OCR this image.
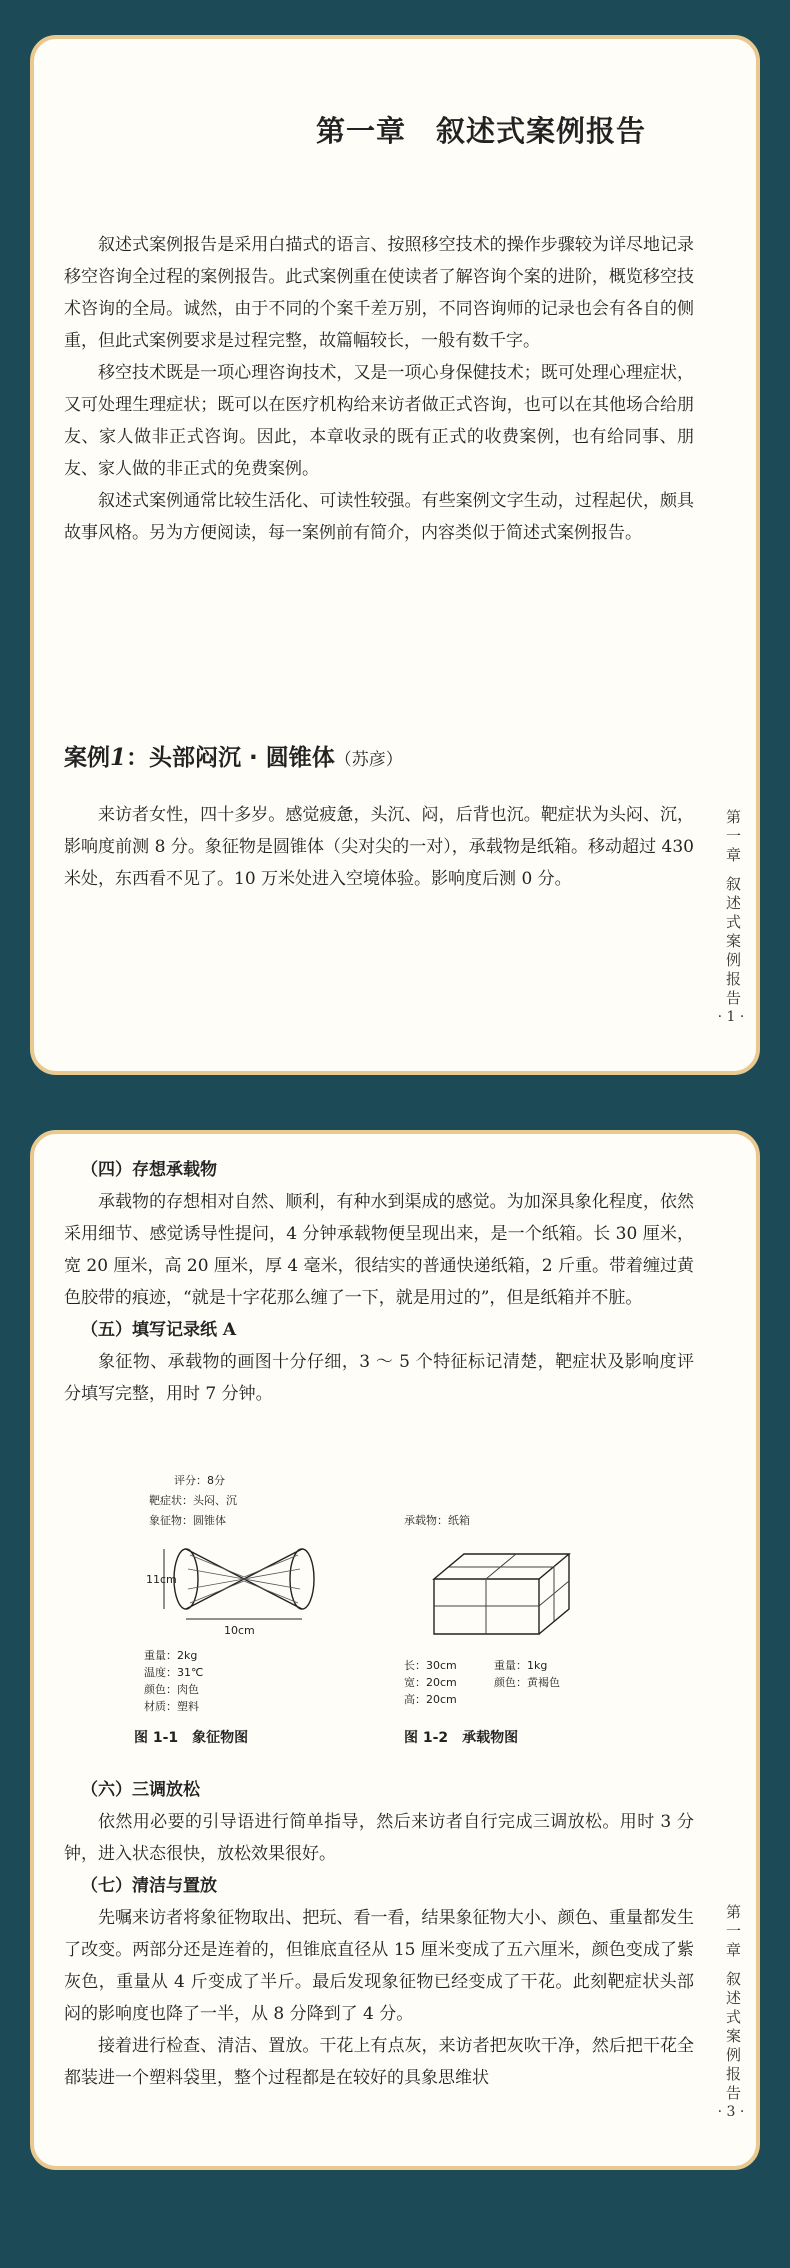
第一章　叙述式案例报告

叙述式案例报告是采用白描式的语言、按照移空技术的操作步骤较为详尽地记录移空咨询全过程的案例报告。此式案例重在使读者了解咨询个案的进阶，概览移空技术咨询的全局。诚然，由于不同的个案千差万别，不同咨询师的记录也会有各自的侧重，但此式案例要求是过程完整，故篇幅较长，一般有数千字。

移空技术既是一项心理咨询技术，又是一项心身保健技术；既可处理心理症状，又可处理生理症状；既可以在医疗机构给来访者做正式咨询，也可以在其他场合给朋友、家人做非正式咨询。因此，本章收录的既有正式的收费案例，也有给同事、朋友、家人做的非正式的免费案例。

叙述式案例通常比较生活化、可读性较强。有些案例文字生动，过程起伏，颇具故事风格。另为方便阅读，每一案例前有简介，内容类似于简述式案例报告。

案例1：头部闷沉 · 圆锥体（苏彦）

来访者女性，四十多岁。感觉疲惫，头沉、闷，后背也沉。靶症状为头闷、沉，影响度前测 8 分。象征物是圆锥体（尖对尖的一对），承载物是纸箱。移动超过 430 米处，东西看不见了。10 万米处进入空境体验。影响度后测 0 分。

第一章叙述式案例报告
· 1 ·

（四）存想承载物

承载物的存想相对自然、顺利，有种水到渠成的感觉。为加深具象化程度，依然采用细节、感觉诱导性提问，4 分钟承载物便呈现出来，是一个纸箱。长 30 厘米，宽 20 厘米，高 20 厘米，厚 4 毫米，很结实的普通快递纸箱，2 斤重。带着缠过黄色胶带的痕迹，“就是十字花那么缠了一下，就是用过的”，但是纸箱并不脏。

（五）填写记录纸 A

象征物、承载物的画图十分仔细，3 ～ 5 个特征标记清楚，靶症状及影响度评分填写完整，用时 7 分钟。

评分：8分
靶症状：头闷、沉
象征物：圆锥体
11cm
10cm
重量：2kg
温度：31℃
颜色：肉色
材质：塑料
图 1-1　象征物图
承载物：纸箱
长：30cm
宽：20cm
高：20cm
重量：1kg
颜色：黄褐色
图 1-2　承载物图

（六）三调放松

依然用必要的引导语进行简单指导，然后来访者自行完成三调放松。用时 3 分钟，进入状态很快，放松效果很好。

（七）清洁与置放

先嘱来访者将象征物取出、把玩、看一看，结果象征物大小、颜色、重量都发生了改变。两部分还是连着的，但锥底直径从 15 厘米变成了五六厘米，颜色变成了紫灰色，重量从 4 斤变成了半斤。最后发现象征物已经变成了干花。此刻靶症状头部闷的影响度也降了一半，从 8 分降到了 4 分。

接着进行检查、清洁、置放。干花上有点灰，来访者把灰吹干净，然后把干花全都装进一个塑料袋里，整个过程都是在较好的具象思维状

第一章叙述式案例报告
· 3 ·
